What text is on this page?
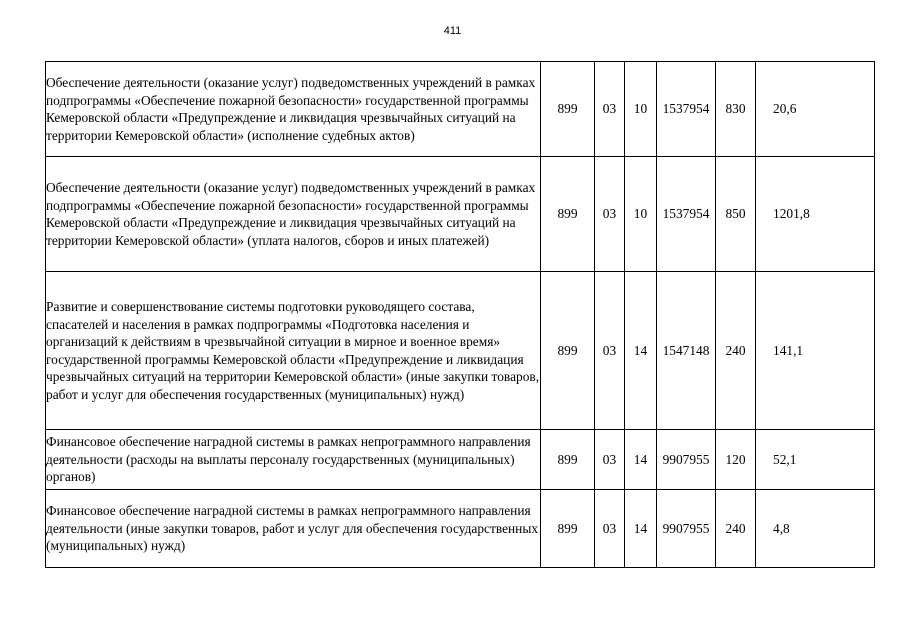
411
Обеспечение деятельности (оказание услуг) подведомственных учреждений в рамках подпрограммы «Обеспечение пожарной безопасности» государственной программы Кемеровской области «Предупреждение и ликвидация чрезвычайных ситуаций на территории Кемеровской области» (исполнение судебных актов)	899	03	10	1537954	830	20,6
Обеспечение деятельности (оказание услуг) подведомственных учреждений в рамках подпрограммы «Обеспечение пожарной безопасности» государственной программы Кемеровской области «Предупреждение и ликвидация чрезвычайных ситуаций на территории Кемеровской области» (уплата налогов, сборов и иных платежей)	899	03	10	1537954	850	1201,8
Развитие и совершенствование системы подготовки руководящего состава, спасателей и населения в рамках подпрограммы «Подготовка населения и организаций к действиям в чрезвычайной ситуации в мирное и военное время» государственной программы Кемеровской области «Предупреждение и ликвидация чрезвычайных ситуаций на территории Кемеровской области» (иные закупки товаров, работ и услуг для обеспечения государственных (муниципальных) нужд)	899	03	14	1547148	240	141,1
Финансовое обеспечение наградной системы в рамках непрограммного направления деятельности (расходы на выплаты персоналу государственных (муниципальных) органов)	899	03	14	9907955	120	52,1
Финансовое обеспечение наградной системы в рамках непрограммного направления деятельности (иные закупки товаров, работ и услуг для обеспечения государственных (муниципальных) нужд)	899	03	14	9907955	240	4,8
